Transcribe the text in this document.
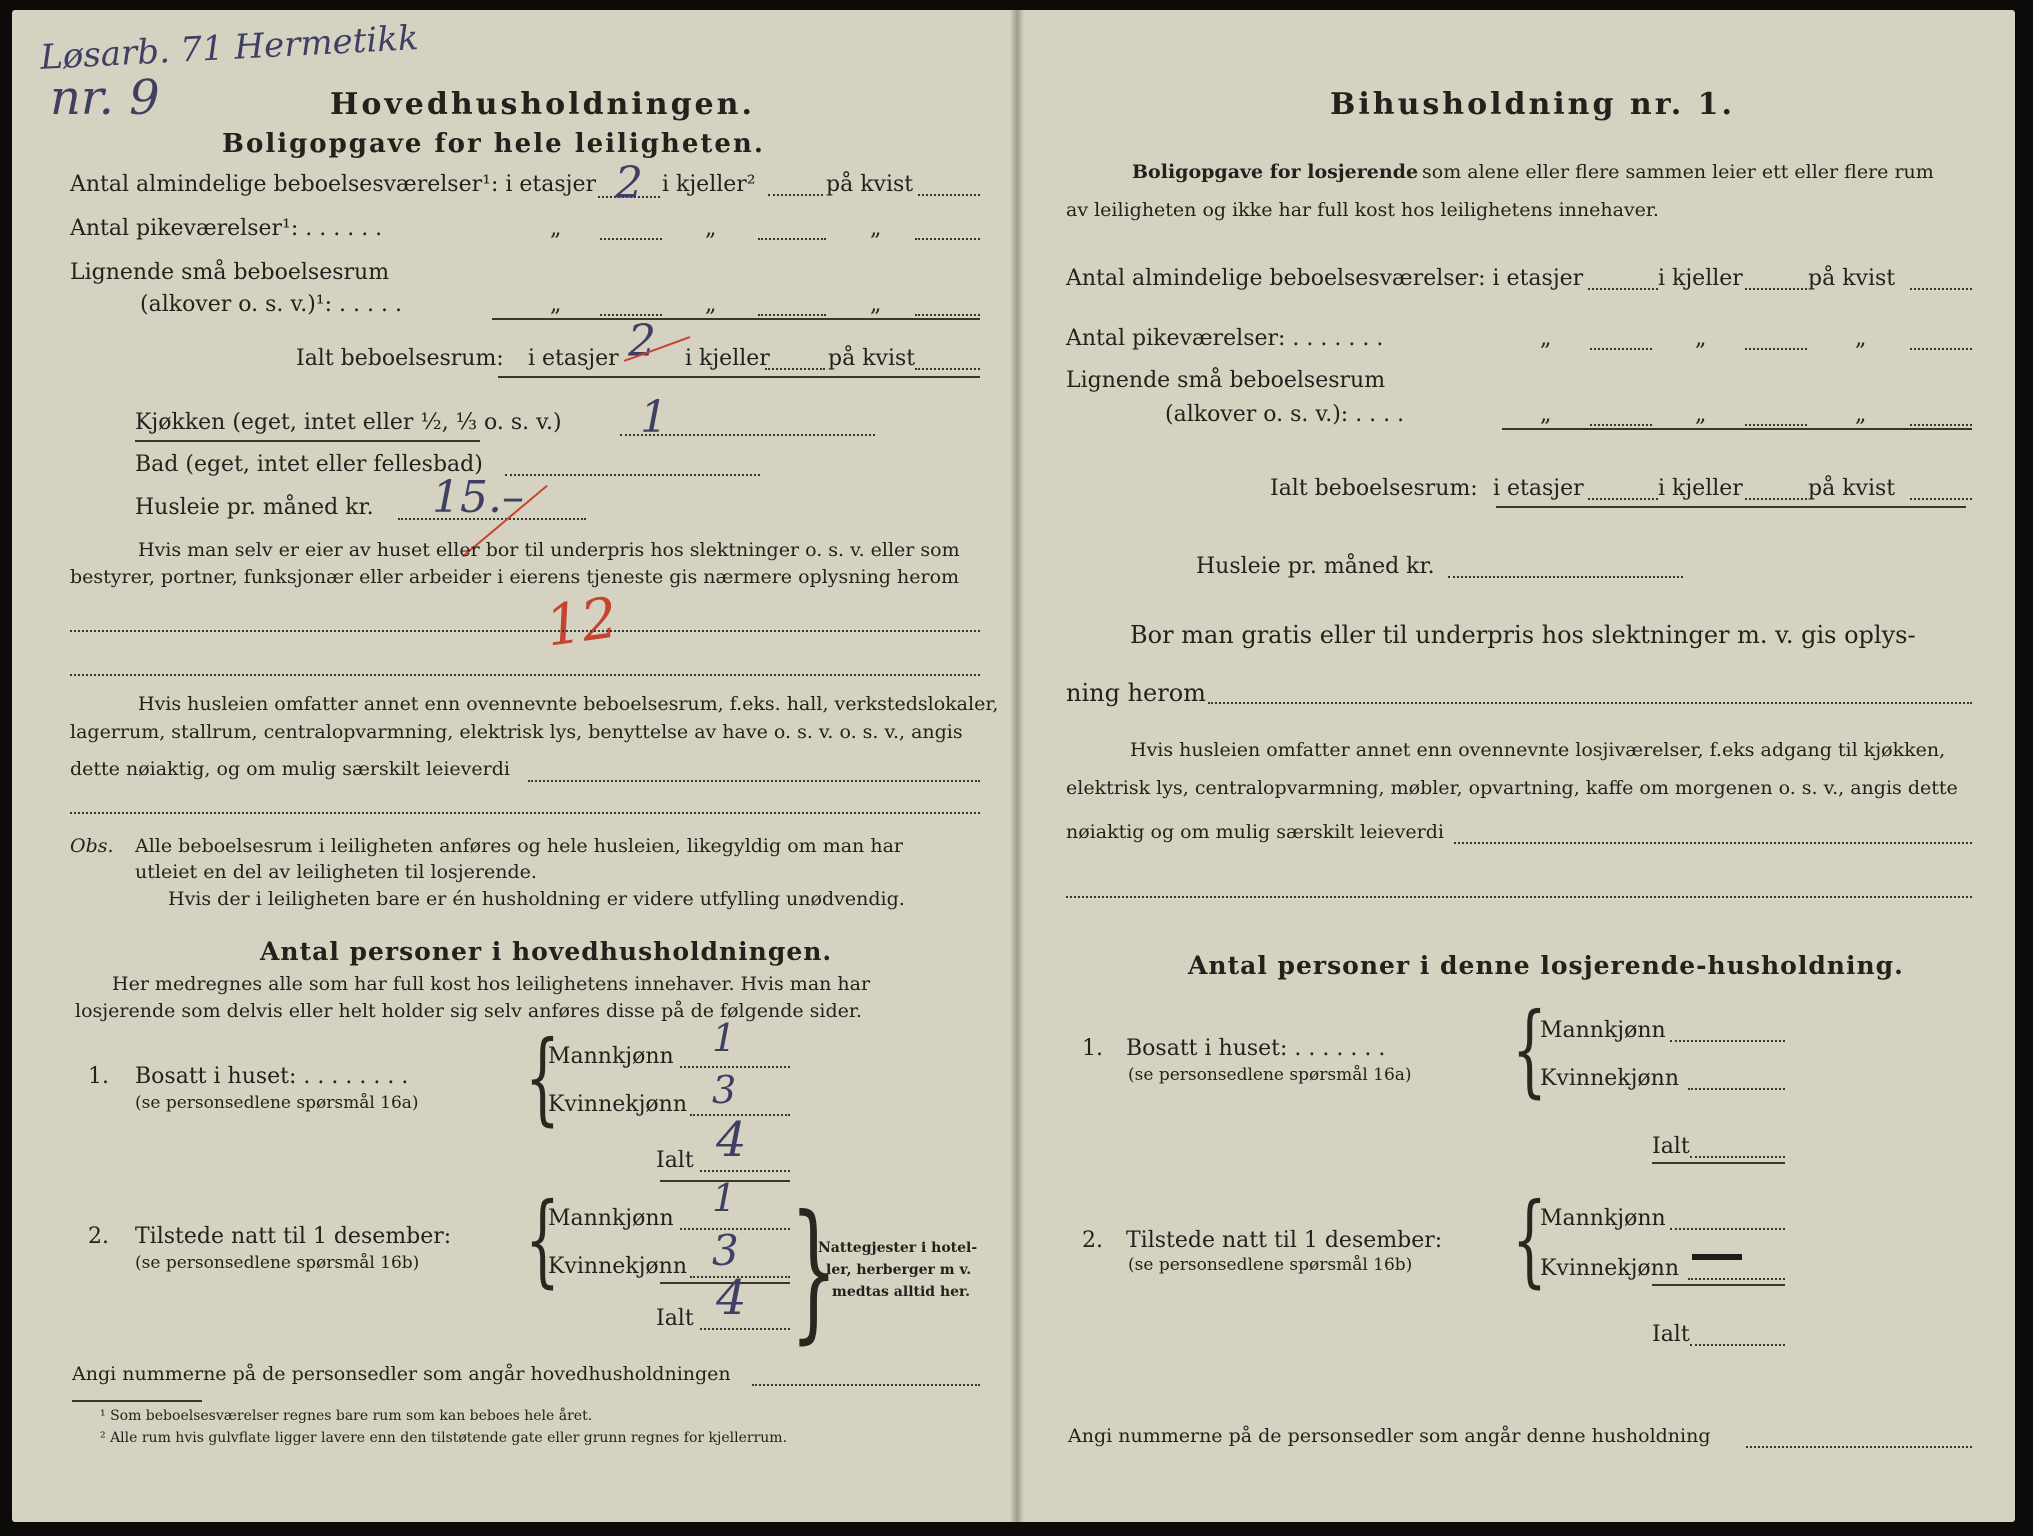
Løsarb. 71 Hermetikk
nr. 9	Hovedhusholdningen.
Boligopgave for hele leiligheten.
Antal almindelige beboelsesværelser¹: i etasjer 2 i kjeller²	på kvist
Antal pikeværelser¹: . . . . . .	„	„	„
Lignende små beboelsesrum
(alkover o. s. v.)¹: . . . . .	„	„	„
Ialt beboelsesrum: i etasjer 2 i kjeller	på kvist
Kjøkken (eget, intet eller ½, ⅓ o. s. v.) 1
Bad (eget, intet eller fellesbad)
Husleie pr. måned kr. 15.–
Hvis man selv er eier av huset eller bor til underpris hos slektninger o. s. v. eller som
bestyrer, portner, funksjonær eller arbeider i eierens tjeneste gis nærmere oplysning herom
12
Hvis husleien omfatter annet enn ovennevnte beboelsesrum, f.eks. hall, verkstedslokaler,
lagerrum, stallrum, centralopvarmning, elektrisk lys, benyttelse av have o. s. v. o. s. v., angis
dette nøiaktig, og om mulig særskilt leieverdi
Obs. Alle beboelsesrum i leiligheten anføres og hele husleien, likegyldig om man har
utleiet en del av leiligheten til losjerende.
Hvis der i leiligheten bare er én husholdning er videre utfylling unødvendig.
Antal personer i hovedhusholdningen.
Her medregnes alle som har full kost hos leilighetens innehaver. Hvis man har
losjerende som delvis eller helt holder sig selv anføres disse på de følgende sider.
1. Bosatt i huset: . . . . . . . .
(se personsedlene spørsmål 16a) {
Mannkjønn 1
Kvinnekjønn 3
Ialt 4
2. Tilstede natt til 1 desember:
(se personsedlene spørsmål 16b) {
Mannkjønn 1
Kvinnekjønn 3
Ialt 4 }
Nattegjester i hotel-
ler, herberger m v.
medtas alltid her.
Angi nummerne på de personsedler som angår hovedhusholdningen
¹ Som beboelsesværelser regnes bare rum som kan beboes hele året.
² Alle rum hvis gulvflate ligger lavere enn den tilstøtende gate eller grunn regnes for kjellerrum.
Bihusholdning nr. 1.
Boligopgave for losjerende som alene eller flere sammen leier ett eller flere rum
av leiligheten og ikke har full kost hos leilighetens innehaver.
Antal almindelige beboelsesværelser: i etasjer	i kjeller	på kvist
Antal pikeværelser: . . . . . . .	„	„	„
Lignende små beboelsesrum
(alkover o. s. v.): . . . .	„	„	„
Ialt beboelsesrum: i etasjer	i kjeller	på kvist
Husleie pr. måned kr.
Bor man gratis eller til underpris hos slektninger m. v. gis oplys-
ning herom
Hvis husleien omfatter annet enn ovennevnte losjiværelser, f.eks adgang til kjøkken,
elektrisk lys, centralopvarmning, møbler, opvartning, kaffe om morgenen o. s. v., angis dette
nøiaktig og om mulig særskilt leieverdi
Antal personer i denne losjerende-husholdning.
1. Bosatt i huset: . . . . . . .
(se personsedlene spørsmål 16a) {
Mannkjønn
Kvinnekjønn
Ialt
2. Tilstede natt til 1 desember:
(se personsedlene spørsmål 16b) {
Mannkjønn
Kvinnekjønn
Ialt
Angi nummerne på de personsedler som angår denne husholdning
